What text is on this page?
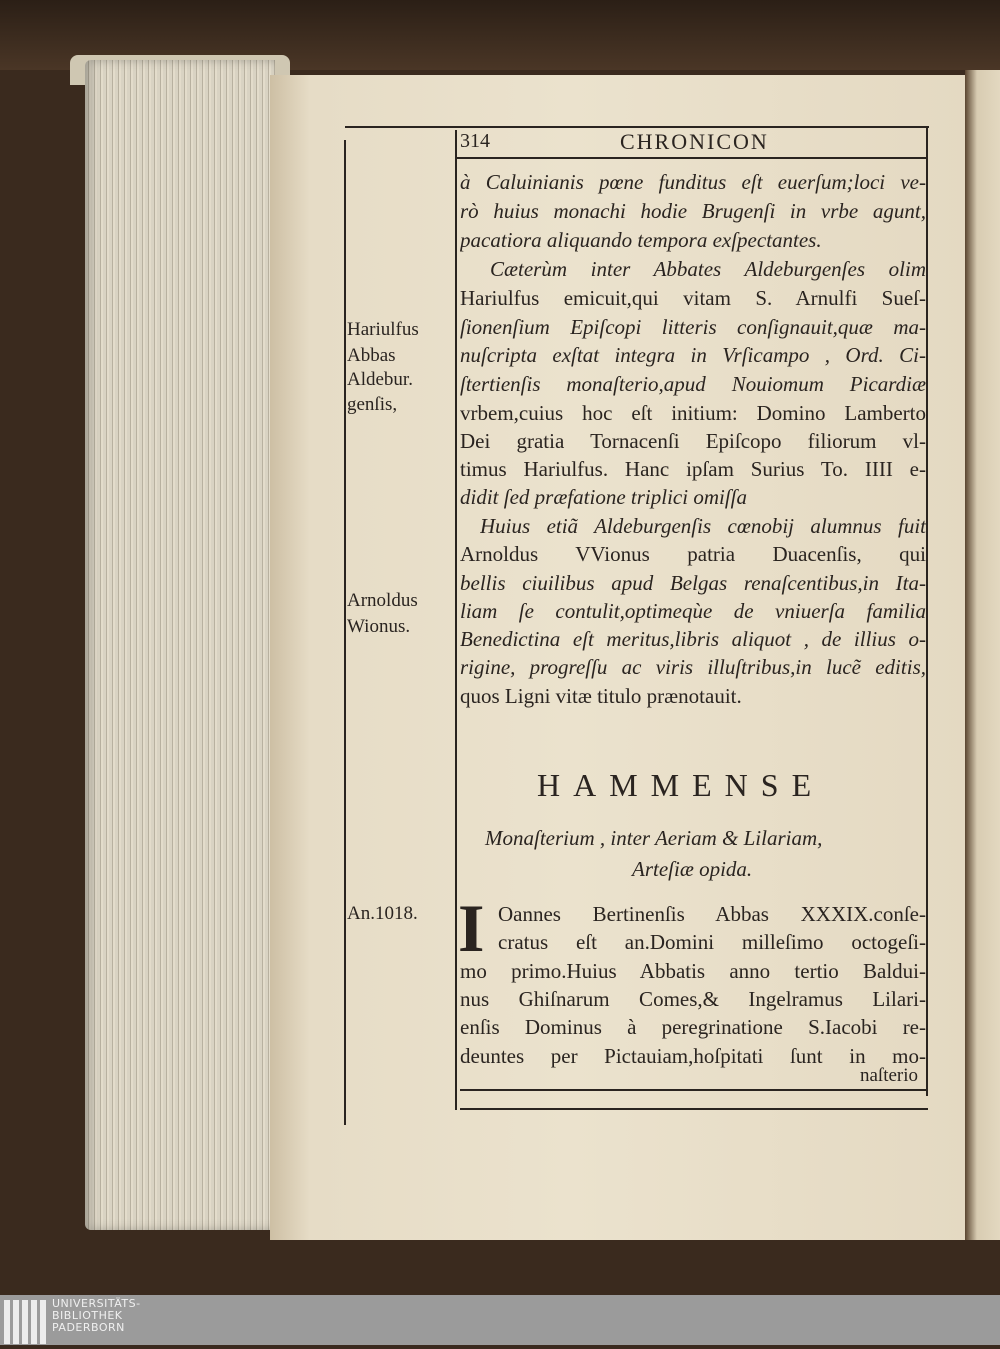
314	CHRONICON
à Caluinianis pœne funditus eſt euerſum;loci ve-
rò huius monachi hodie Brugenſi in vrbe agunt,
pacatiora aliquando tempora exſpectantes.
Cæterùm inter Abbates Aldeburgenſes olim
Hariulfus emicuit,qui vitam S. Arnulfi Sueſ-
ſionenſium Epiſcopi litteris conſignauit,quæ ma-
nuſcripta exſtat integra in Vrſicampo , Ord. Ci-
ſtertienſis monaſterio,apud Nouiomum Picardiæ
vrbem,cuius hoc eſt initium: Domino Lamberto
Dei gratia Tornacenſi Epiſcopo filiorum vl-
timus Hariulfus. Hanc ipſam Surius To. IIII e-
didit ſed præfatione triplici omiſſa
Huius etiã Aldeburgenſis cœnobij alumnus fuit
Arnoldus VVionus patria Duacenſis, qui
bellis ciuilibus apud Belgas renaſcentibus,in Ita-
liam ſe contulit,optimeqùe de vniuerſa familia
Benedictina eſt meritus,libris aliquot , de illius o-
rigine, progreſſu ac viris illuſtribus,in lucẽ editis,
quos Ligni vitæ titulo prænotauit.
HAMMENSE
Monaſterium , inter Aeriam & Lilariam,
Arteſiæ opida.
I Oannes Bertinenſis Abbas XXXIX.conſe-
cratus eſt an.Domini milleſimo octogeſi-
mo primo.Huius Abbatis anno tertio Baldui-
nus Ghiſnarum Comes,& Ingelramus Lilari-
enſis Dominus à peregrinatione S.Iacobi re-
deuntes per Pictauiam,hoſpitati ſunt in mo-
naſterio
Hariulfus
Abbas
Aldebur.
genſis,
Arnoldus
Wionus.
An.1018.
UNIVERSITÄTS-
BIBLIOTHEK
PADERBORN
